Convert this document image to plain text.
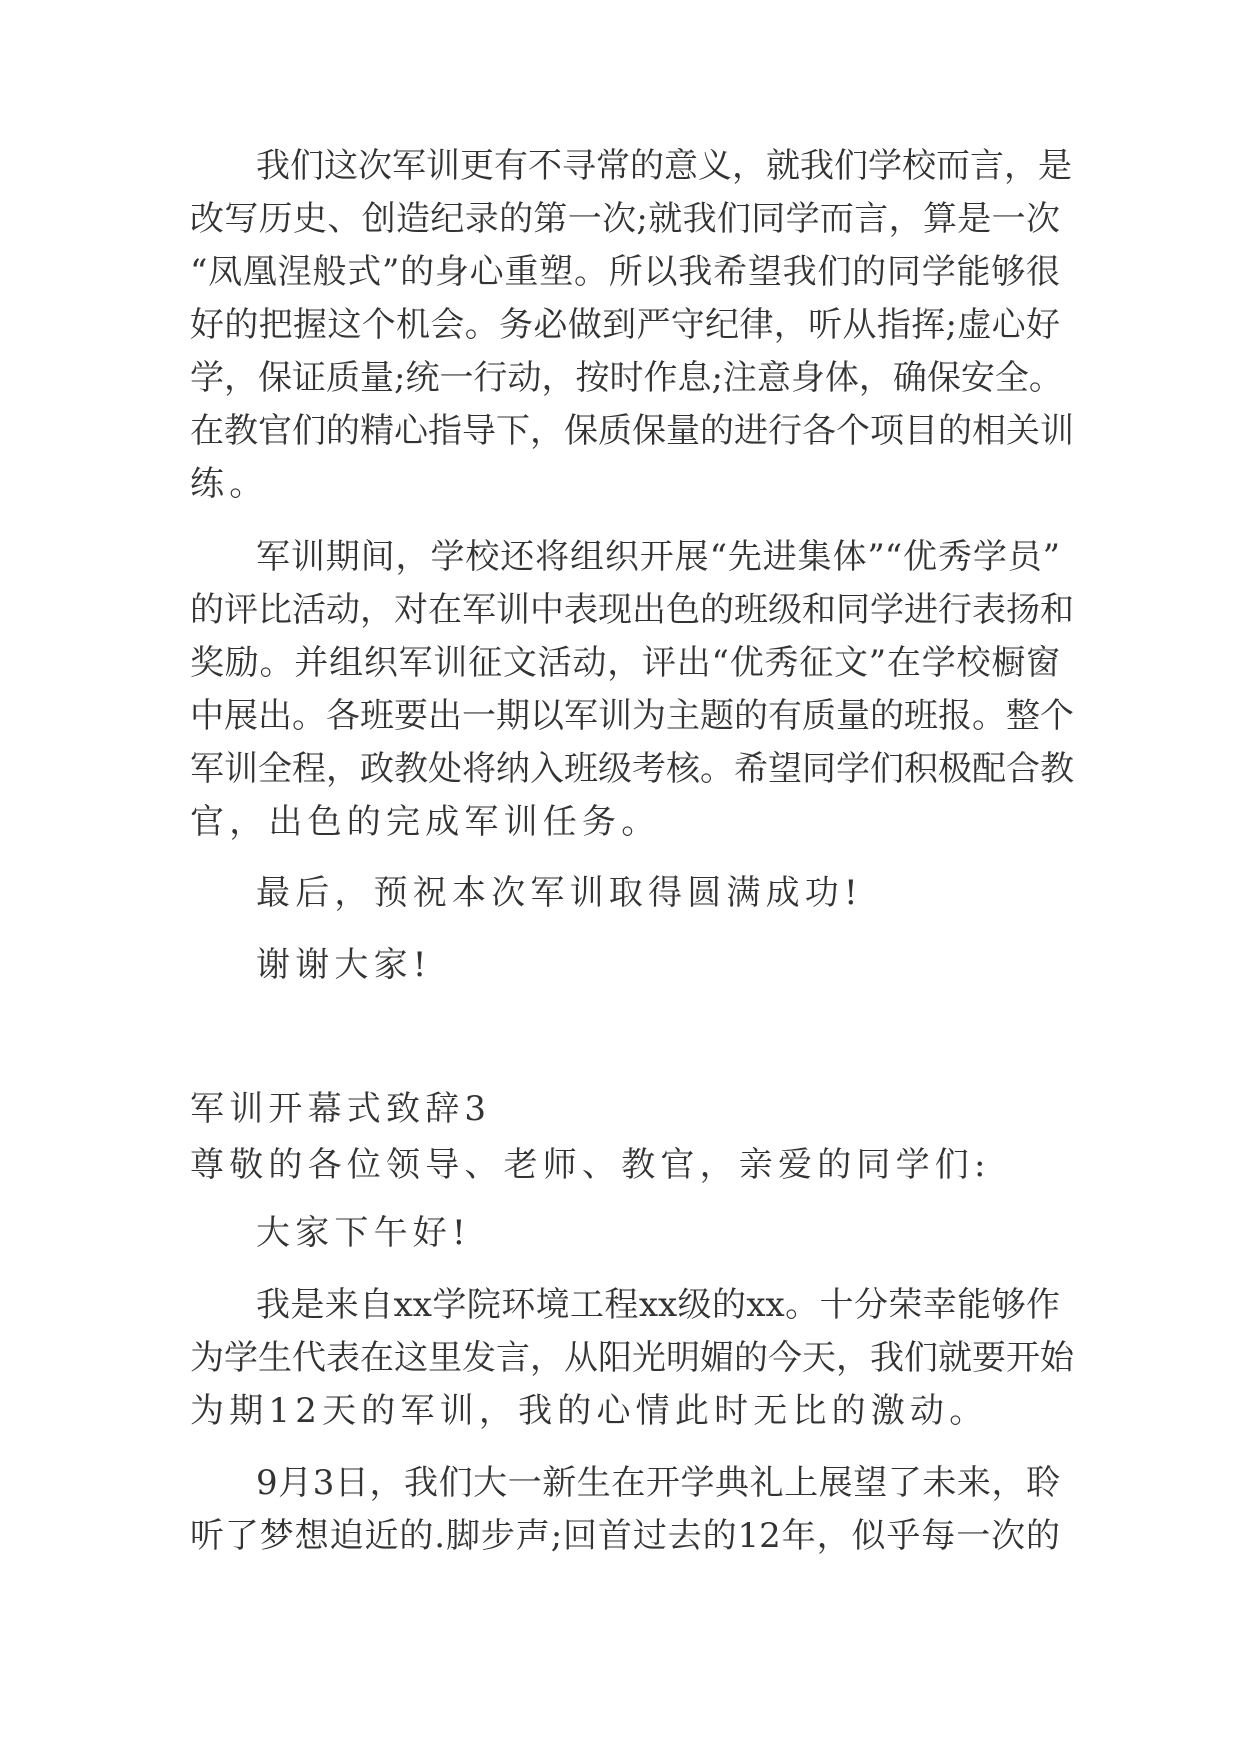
我们这次军训更有不寻常的意义，就我们学校而言，是
改写历史、创造纪录的第一次;就我们同学而言，算是一次
“凤凰涅般式”的身心重塑。所以我希望我们的同学能够很
好的把握这个机会。务必做到严守纪律，听从指挥;虚心好
学，保证质量;统一行动，按时作息;注意身体，确保安全。
在教官们的精心指导下，保质保量的进行各个项目的相关训
练。
军训期间，学校还将组织开展“先进集体”“优秀学员”
的评比活动，对在军训中表现出色的班级和同学进行表扬和
奖励。并组织军训征文活动，评出“优秀征文”在学校橱窗
中展出。各班要出一期以军训为主题的有质量的班报。整个
军训全程，政教处将纳入班级考核。希望同学们积极配合教
官，出色的完成军训任务。
最后，预祝本次军训取得圆满成功!
谢谢大家!
军训开幕式致辞3
尊敬的各位领导、老师、教官，亲爱的同学们:
大家下午好!
我是来自xx学院环境工程xx级的xx。十分荣幸能够作
为学生代表在这里发言，从阳光明媚的今天，我们就要开始
为期12天的军训，我的心情此时无比的激动。
9月3日，我们大一新生在开学典礼上展望了未来，聆
听了梦想迫近的.脚步声;回首过去的12年，似乎每一次的
